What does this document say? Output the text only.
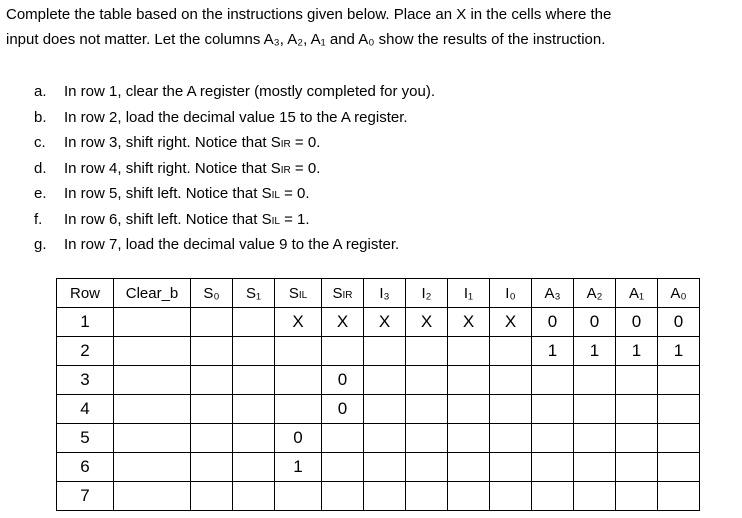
Complete the table based on the instructions given below. Place an X in the cells where the

input does not matter. Let the columns A₃, A₂, A₁ and A₀ show the results of the instruction.

a. In row 1, clear the A register (mostly completed for you).
b. In row 2, load the decimal value 15 to the A register.
c. In row 3, shift right. Notice that SIR = 0.
d. In row 4, shift right. Notice that SIR = 0.
e. In row 5, shift left. Notice that SIL = 0.
f. In row 6, shift left. Notice that SIL = 1.
g. In row 7, load the decimal value 9 to the A register.
Row	Clear_b	S₀	S₁	SIL	SIR	I₃	I₂	I₁	I₀	A₃	A₂	A₁	A₀
1				X	X	X	X	X	X	0	0	0	0
2										1	1	1	1
3					0								
4					0								
5				0									
6				1									
7													
